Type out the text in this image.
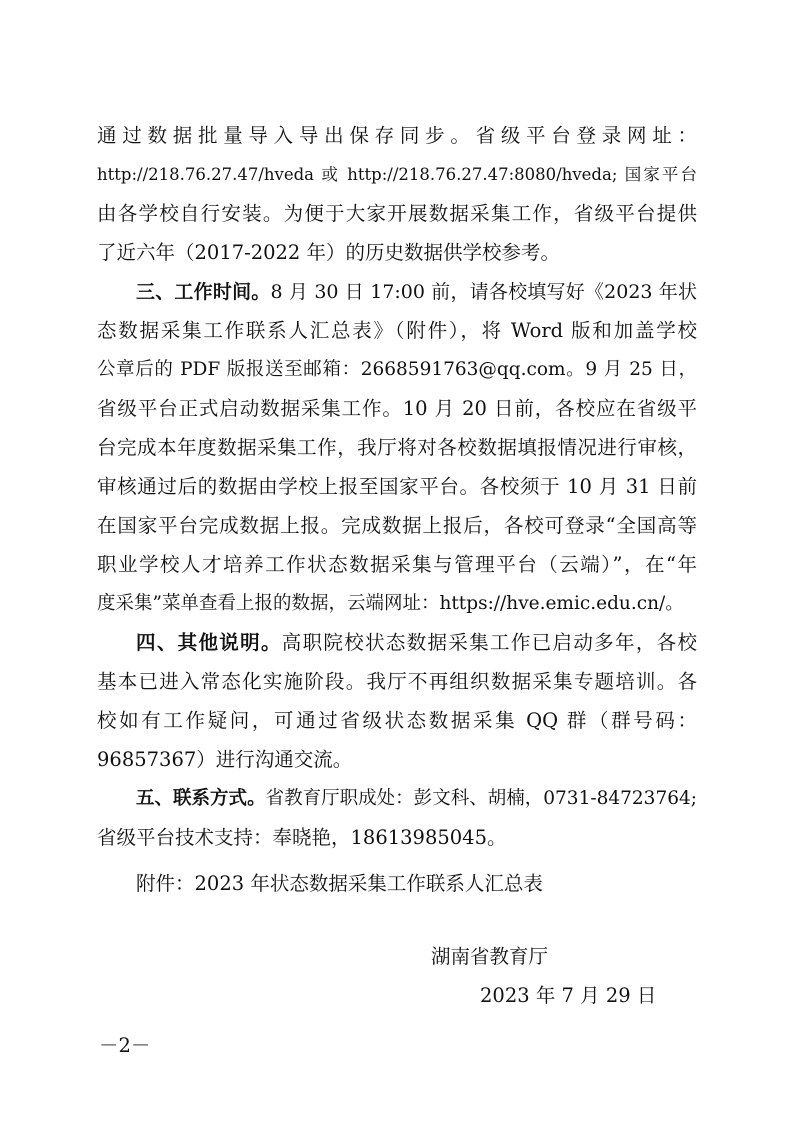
通过数据批量导入导出保存同步。省级平台登录网址：
http://218.76.27.47/hveda 或 http://218.76.27.47:8080/hveda; 国家平台
由各学校自行安装。为便于大家开展数据采集工作，省级平台提供
了近六年（2017-2022 年）的历史数据供学校参考。
三、工作时间。8 月 30 日 17:00 前，请各校填写好《2023 年状
态数据采集工作联系人汇总表》（附件），将 Word 版和加盖学校
公章后的 PDF 版报送至邮箱：2668591763@qq.com。9 月 25 日，
省级平台正式启动数据采集工作。10 月 20 日前，各校应在省级平
台完成本年度数据采集工作，我厅将对各校数据填报情况进行审核，
审核通过后的数据由学校上报至国家平台。各校须于 10 月 31 日前
在国家平台完成数据上报。完成数据上报后，各校可登录“全国高等
职业学校人才培养工作状态数据采集与管理平台（云端）”，在“年
度采集”菜单查看上报的数据，云端网址：https://hve.emic.edu.cn/。
四、其他说明。高职院校状态数据采集工作已启动多年，各校
基本已进入常态化实施阶段。我厅不再组织数据采集专题培训。各
校如有工作疑问，可通过省级状态数据采集 QQ 群（群号码：
96857367）进行沟通交流。
五、联系方式。省教育厅职成处：彭文科、胡楠，0731-84723764;
省级平台技术支持：奉晓艳，18613985045。
附件：2023 年状态数据采集工作联系人汇总表
湖南省教育厅
2023 年 7 月 29 日
－2－
